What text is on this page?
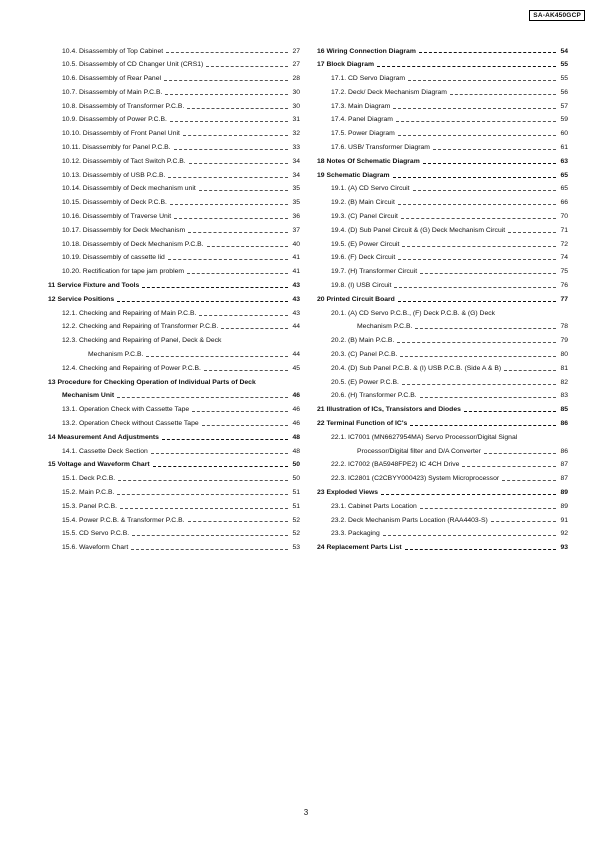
SA-AK450GCP
10.4. Disassembly of Top Cabinet	27
10.5. Disassembly of CD Changer Unit (CRS1)	27
10.6. Disassembly of Rear Panel	28
10.7. Disassembly of Main P.C.B.	30
10.8. Disassembly of Transformer P.C.B.	30
10.9. Disassembly of Power P.C.B.	31
10.10. Disassembly of Front Panel Unit	32
10.11. Disassembly for Panel P.C.B.	33
10.12. Disassembly of Tact Switch P.C.B.	34
10.13. Disassembly of USB P.C.B.	34
10.14. Disassembly of Deck mechanism unit	35
10.15. Disassembly of Deck P.C.B.	35
10.16. Disassembly of Traverse Unit	36
10.17. Disassembly for Deck Mechanism	37
10.18. Disassembly of Deck Mechanism P.C.B.	40
10.19. Disassembly of cassette lid	41
10.20. Rectification for tape jam problem	41
11 Service Fixture and Tools	43
12 Service Positions	43
12.1. Checking and Repairing of Main P.C.B.	43
12.2. Checking and Repairing of Transformer P.C.B.	44
12.3. Checking and Repairing of Panel, Deck & Deck
Mechanism P.C.B.	44
12.4. Checking and Repairing of Power P.C.B.	45
13 Procedure for Checking Operation of Individual Parts of Deck
Mechanism Unit	46
13.1. Operation Check with Cassette Tape	46
13.2. Operation Check without Cassette Tape	46
14 Measurement And Adjustments	48
14.1. Cassette Deck Section	48
15 Voltage and Waveform Chart	50
15.1. Deck P.C.B.	50
15.2. Main P.C.B.	51
15.3. Panel P.C.B.	51
15.4. Power P.C.B. & Transformer P.C.B.	52
15.5. CD Servo P.C.B.	52
15.6. Waveform Chart	53
16 Wiring Connection Diagram	54
17 Block Diagram	55
17.1. CD Servo Diagram	55
17.2. Deck/ Deck Mechanism Diagram	56
17.3. Main Diagram	57
17.4. Panel Diagram	59
17.5. Power Diagram	60
17.6. USB/ Transformer Diagram	61
18 Notes Of Schematic Diagram	63
19 Schematic Diagram	65
19.1. (A) CD Servo Circuit	65
19.2. (B) Main Circuit	66
19.3. (C) Panel Circuit	70
19.4. (D) Sub Panel Circuit & (G) Deck Mechanism Circuit	71
19.5. (E) Power Circuit	72
19.6. (F) Deck Circuit	74
19.7. (H) Transformer Circuit	75
19.8. (I) USB Circuit	76
20 Printed Circuit Board	77
20.1. (A) CD Servo P.C.B., (F) Deck P.C.B. & (G) Deck
Mechanism P.C.B.	78
20.2. (B) Main P.C.B.	79
20.3. (C) Panel P.C.B.	80
20.4. (D) Sub Panel P.C.B. & (I) USB P.C.B. (Side A & B)	81
20.5. (E) Power P.C.B.	82
20.6. (H) Transformer P.C.B.	83
21 Illustration of ICs, Transistors and Diodes	85
22 Terminal Function of IC's	86
22.1. IC7001 (MN6627954MA) Servo Processor/Digital Signal
Processor/Digital filter and D/A Converter	86
22.2. IC7002 (BA5948FPE2) IC 4CH Drive	87
22.3. IC2801 (C2CBYY000423) System Microprocessor	87
23 Exploded Views	89
23.1. Cabinet Parts Location	89
23.2. Deck Mechanism Parts Location (RAA4403-S)	91
23.3. Packaging	92
24 Replacement Parts List	93
3
